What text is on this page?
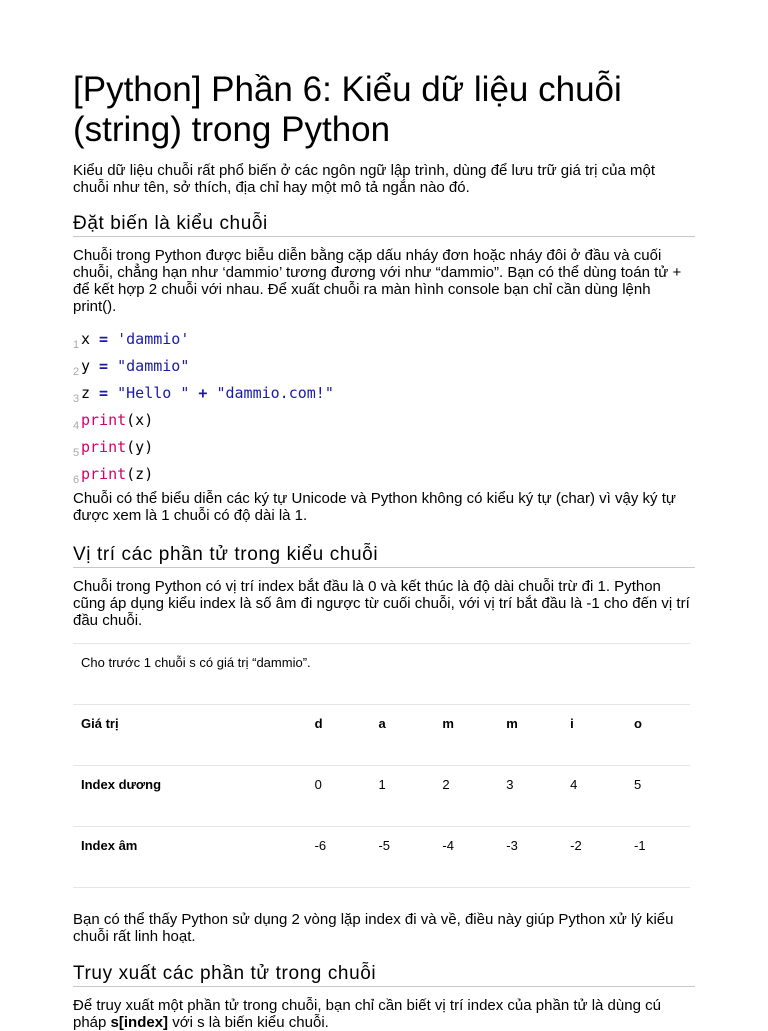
[Python] Phần 6: Kiểu dữ liệu chuỗi (string) trong Python

Kiểu dữ liệu chuỗi rất phổ biến ở các ngôn ngữ lập trình, dùng để lưu trữ giá trị của một chuỗi như tên, sở thích, địa chỉ hay một mô tả ngắn nào đó.

Đặt biến là kiểu chuỗi

Chuỗi trong Python được biễu diễn bằng cặp dấu nháy đơn hoặc nháy đôi ở đầu và cuối chuỗi, chẳng hạn như ‘dammio’ tương đương với như “dammio”. Bạn có thể dùng toán tử + để kết hợp 2 chuỗi với nhau. Để xuất chuỗi ra màn hình console bạn chỉ cần dùng lệnh print().

1 x = 'dammio'
2 y = "dammio"
3 z = "Hello " + "dammio.com!"
4 print(x)
5 print(y)
6 print(z)

Chuỗi có thể biểu diễn các ký tự Unicode và Python không có kiểu ký tự (char) vì vậy ký tự được xem là 1 chuỗi có độ dài là 1.

Vị trí các phần tử trong kiểu chuỗi

Chuỗi trong Python có vị trí index bắt đầu là 0 và kết thúc là độ dài chuỗi trừ đi 1. Python cũng áp dụng kiểu index là số âm đi ngược từ cuối chuỗi, với vị trí bắt đầu là -1 cho đến vị trí đầu chuỗi.

Cho trước 1 chuỗi s có giá trị “dammio”.						
Giá trị	d	a	m	m	i	o
Index dương	0	1	2	3	4	5
Index âm	-6	-5	-4	-3	-2	-1

Bạn có thể thấy Python sử dụng 2 vòng lặp index đi và về, điều này giúp Python xử lý kiểu chuỗi rất linh hoạt.

Truy xuất các phần tử trong chuỗi

Để truy xuất một phần tử trong chuỗi, bạn chỉ cần biết vị trí index của phần tử là dùng cú pháp s[index] với s là biến kiểu chuỗi.
